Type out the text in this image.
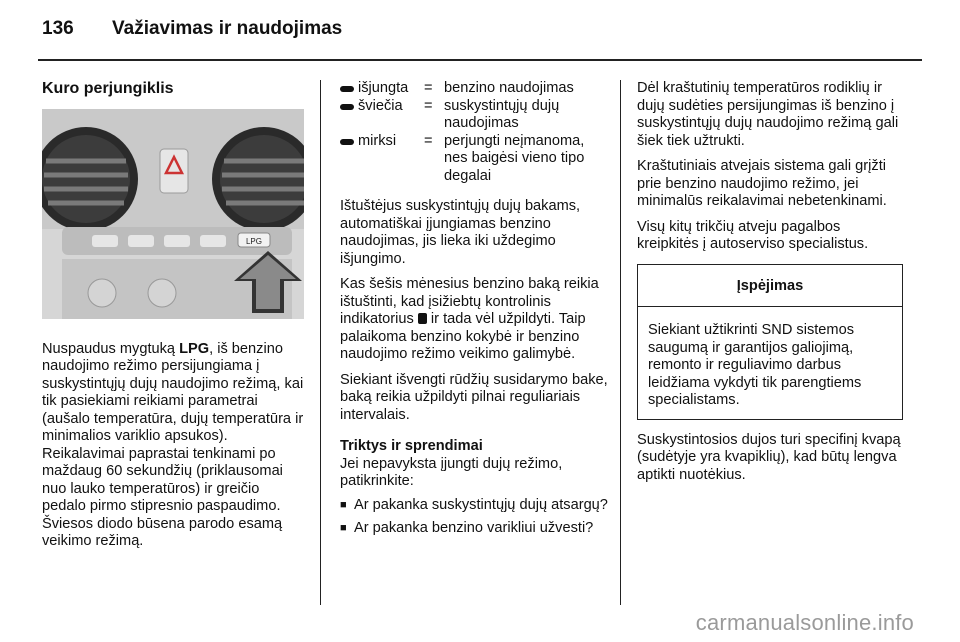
136 Važiavimas ir naudojimas
Kuro perjungiklis
LPG

Nuspaudus mygtuką LPG, iš benzino naudojimo režimo persijungiama į suskystintųjų dujų naudojimo režimą, kai tik pasiekiami reikiami parametrai (aušalo temperatūra, dujų temperatūra ir minimalios variklio apsukos). Reikalavimai paprastai tenkinami po maždaug 60 sekundžių (priklausomai nuo lauko temperatūros) ir greičio pedalo pirmo stipresnio paspaudimo. Šviesos diodo būsena parodo esamą veikimo režimą.

išjungta	= benzino naudojimas
šviečia	= suskystintųjų dujų naudojimas
mirksi	= perjungti neįmanoma, nes baigėsi vieno tipo degalai

Ištuštėjus suskystintųjų dujų bakams, automatiškai įjungiamas benzino naudojimas, jis lieka iki uždegimo išjungimo.

Kas šešis mėnesius benzino baką reikia ištuštinti, kad įsižiebtų kontrolinis indikatorius  ir tada vėl užpildyti. Taip palaikoma benzino kokybė ir benzino naudojimo režimo veikimo galimybė.

Siekiant išvengti rūdžių susidarymo bake, baką reikia užpildyti pilnai reguliariais intervalais.

Triktys ir sprendimai
Jei nepavyksta įjungti dujų režimo, patikrinkite:
■ Ar pakanka suskystintųjų dujų atsargų?
■ Ar pakanka benzino varikliui užvesti?

Dėl kraštutinių temperatūros rodiklių ir dujų sudėties persijungimas iš benzino į suskystintųjų dujų naudojimo režimą gali šiek tiek užtrukti.

Kraštutiniais atvejais sistema gali grįžti prie benzino naudojimo režimo, jei minimalūs reikalavimai nebetenkinami.

Visų kitų trikčių atveju pagalbos kreipkitės į autoserviso specialistus.

Įspėjimas
Siekiant užtikrinti SND sistemos saugumą ir garantijos galiojimą, remonto ir reguliavimo darbus leidžiama vykdyti tik parengtiems specialistams.

Suskystintosios dujos turi specifinį kvapą (sudėtyje yra kvapiklių), kad būtų lengva aptikti nuotėkius.

carmanualsonline.info
